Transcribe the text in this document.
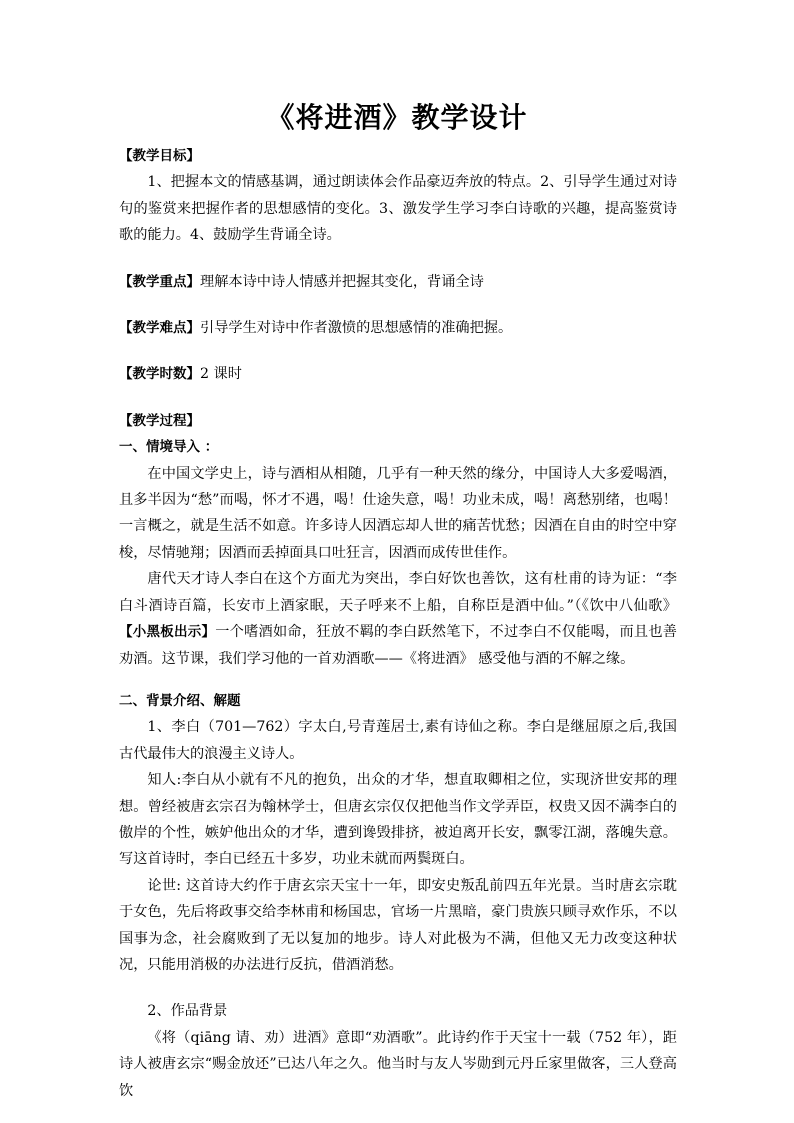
《将进酒》教学设计

【教学目标】

1、把握本文的情感基调，通过朗读体会作品豪迈奔放的特点。2、引导学生通过对诗句的鉴赏来把握作者的思想感情的变化。3、激发学生学习李白诗歌的兴趣，提高鉴赏诗歌的能力。4、鼓励学生背诵全诗。

【教学重点】理解本诗中诗人情感并把握其变化，背诵全诗

【教学难点】引导学生对诗中作者激愤的思想感情的准确把握。

【教学时数】2 课时

【教学过程】

一、情境导入 ：

在中国文学史上，诗与酒相从相随，几乎有一种天然的缘分，中国诗人大多爱喝酒，且多半因为“愁”而喝，怀才不遇，喝！仕途失意，喝！功业未成，喝！离愁别绪，也喝！一言概之，就是生活不如意。许多诗人因酒忘却人世的痛苦忧愁；因酒在自由的时空中穿梭，尽情驰翔；因酒而丢掉面具口吐狂言，因酒而成传世佳作。

唐代天才诗人李白在这个方面尤为突出，李白好饮也善饮，这有杜甫的诗为证：“李白斗酒诗百篇，长安市上酒家眠，天子呼来不上船，自称臣是酒中仙。”（《饮中八仙歌》【小黑板出示】一个嗜酒如命，狂放不羁的李白跃然笔下，不过李白不仅能喝，而且也善劝酒。这节课，我们学习他的一首劝酒歌——《将进酒》 感受他与酒的不解之缘。

二、背景介绍、解题

1、李白（701—762）字太白,号青莲居士,素有诗仙之称。李白是继屈原之后,我国古代最伟大的浪漫主义诗人。

知人:李白从小就有不凡的抱负，出众的才华，想直取卿相之位，实现济世安邦的理想。曾经被唐玄宗召为翰林学士，但唐玄宗仅仅把他当作文学弄臣，权贵又因不满李白的傲岸的个性，嫉妒他出众的才华，遭到谗毁排挤，被迫离开长安，飘零江湖，落魄失意。写这首诗时，李白已经五十多岁，功业未就而两鬓斑白。

论世: 这首诗大约作于唐玄宗天宝十一年，即安史叛乱前四五年光景。当时唐玄宗耽于女色，先后将政事交给李林甫和杨国忠，官场一片黑暗，豪门贵族只顾寻欢作乐，不以国事为念，社会腐败到了无以复加的地步。诗人对此极为不满，但他又无力改变这种状况，只能用消极的办法进行反抗，借酒消愁。

2、作品背景

《将（qiāng 请、劝）进酒》意即“劝酒歌”。此诗约作于天宝十一载（752 年），距诗人被唐玄宗“赐金放还”已达八年之久。他当时与友人岑勋到元丹丘家里做客，三人登高饮
